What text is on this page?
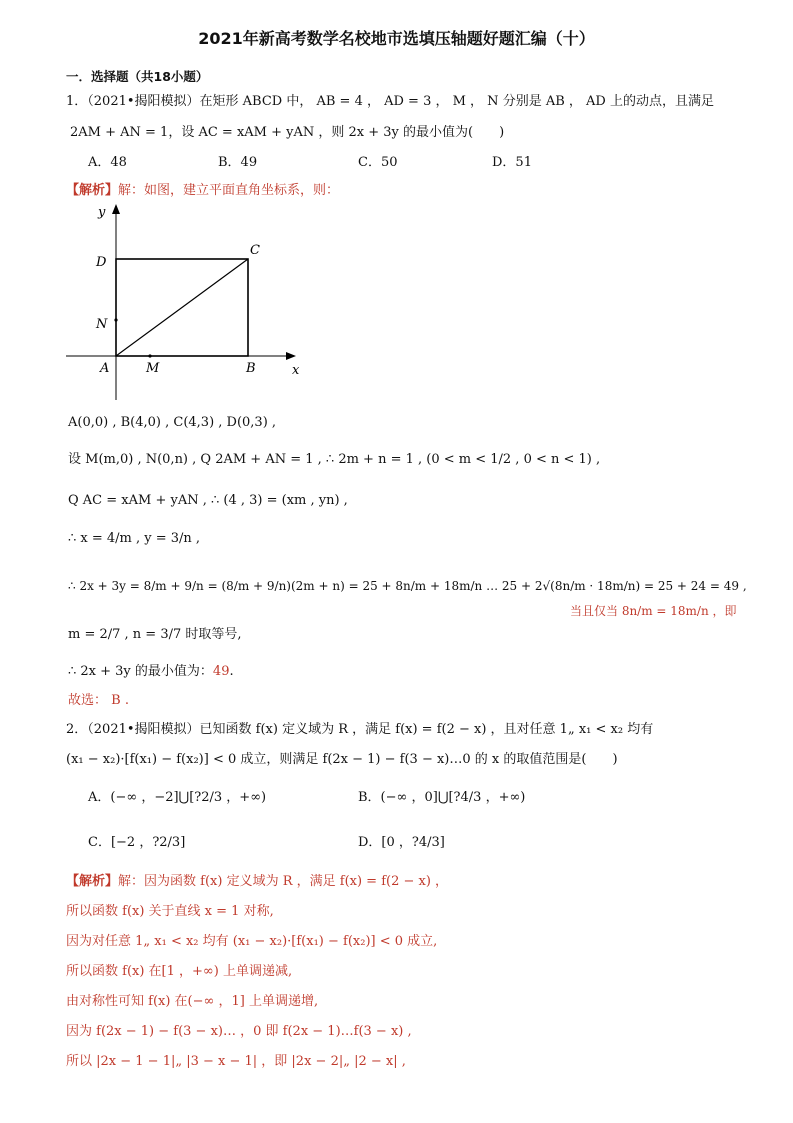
2021年新高考数学名校地市选填压轴题好题汇编（十）
一．选择题（共18小题）
1．（2021•揭阳模拟）在矩形 ABCD 中， AB = 4 ， AD = 3 ， M ， N 分别是 AB ， AD 上的动点，且满足
2AM + AN = 1，设 AC = xAM + yAN ，则 2x + 3y 的最小值为(　　)
A．48	B．49	C．50	D．51
【解析】解：如图，建立平面直角坐标系，则：
y
x
D
C
N
A	M	B
A(0,0) , B(4,0) , C(4,3) , D(0,3) ,
设 M(m,0) , N(0,n) , Q 2AM + AN = 1 , ∴ 2m + n = 1 , (0 < m < 1/2 , 0 < n < 1) ,
Q AC = xAM + yAN , ∴ (4 , 3) = (xm , yn) ,
∴ x = 4/m , y = 3/n ,
∴ 2x + 3y = 8/m + 9/n = (8/m + 9/n)(2m + n) = 25 + 8n/m + 18m/n … 25 + 2√(8n/m · 18m/n) = 25 + 24 = 49 ,
当且仅当 8n/m = 18m/n ，即
m = 2/7 , n = 3/7 时取等号,
∴ 2x + 3y 的最小值为：49.
故选： B .
2．（2021•揭阳模拟）已知函数 f(x) 定义域为 R ，满足 f(x) = f(2 − x) ，且对任意 1„ x₁ < x₂ 均有
(x₁ − x₂)·[f(x₁) − f(x₂)] < 0 成立，则满足 f(2x − 1) − f(3 − x)…0 的 x 的取值范围是(　　)
A．(−∞ ，−2]⋃[?2/3 ，+∞)	B．(−∞ ，0]⋃[?4/3 ，+∞)
C．[−2 ，?2/3]	D．[0 ，?4/3]
【解析】解：因为函数 f(x) 定义域为 R ，满足 f(x) = f(2 − x) ，
所以函数 f(x) 关于直线 x = 1 对称,
因为对任意 1„ x₁ < x₂ 均有 (x₁ − x₂)·[f(x₁) − f(x₂)] < 0 成立,
所以函数 f(x) 在[1 ，+∞) 上单调递减,
由对称性可知 f(x) 在(−∞ ，1] 上单调递增,
因为 f(2x − 1) − f(3 − x)… ，0 即 f(2x − 1)…f(3 − x) ,
所以 |2x − 1 − 1|„ |3 − x − 1| ，即 |2x − 2|„ |2 − x| ,
